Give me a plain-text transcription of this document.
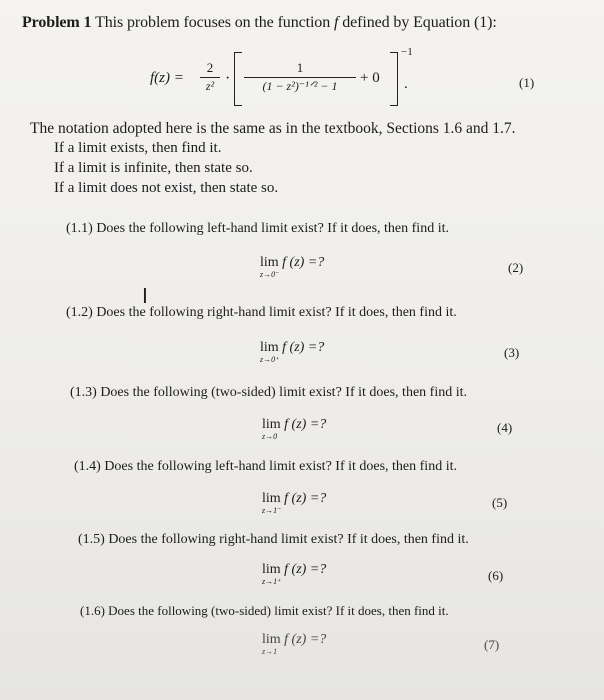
Problem 1 This problem focuses on the function f defined by Equation (1):
f(z) =
2
z² ·
1
(1 − z²)⁻¹ᐟ² − 1	+ 0
−1
.	(1)
The notation adopted here is the same as in the textbook, Sections 1.6 and 1.7.
If a limit exists, then find it.
If a limit is infinite, then state so.
If a limit does not exist, then state so.
(1.1) Does the following left-hand limit exist? If it does, then find it.
lim
z→0⁻
f (z) =?	(2)
(1.2) Does the following right-hand limit exist? If it does, then find it.
lim
z→0⁺
f (z) =?	(3)
(1.3) Does the following (two-sided) limit exist? If it does, then find it.
lim
z→0
f (z) =?	(4)
(1.4) Does the following left-hand limit exist? If it does, then find it.
lim
z→1⁻
f (z) =?	(5)
(1.5) Does the following right-hand limit exist? If it does, then find it.
lim
z→1⁺
f (z) =?	(6)
(1.6) Does the following (two-sided) limit exist? If it does, then find it.
lim
z→1
f (z) =?	(7)
I
